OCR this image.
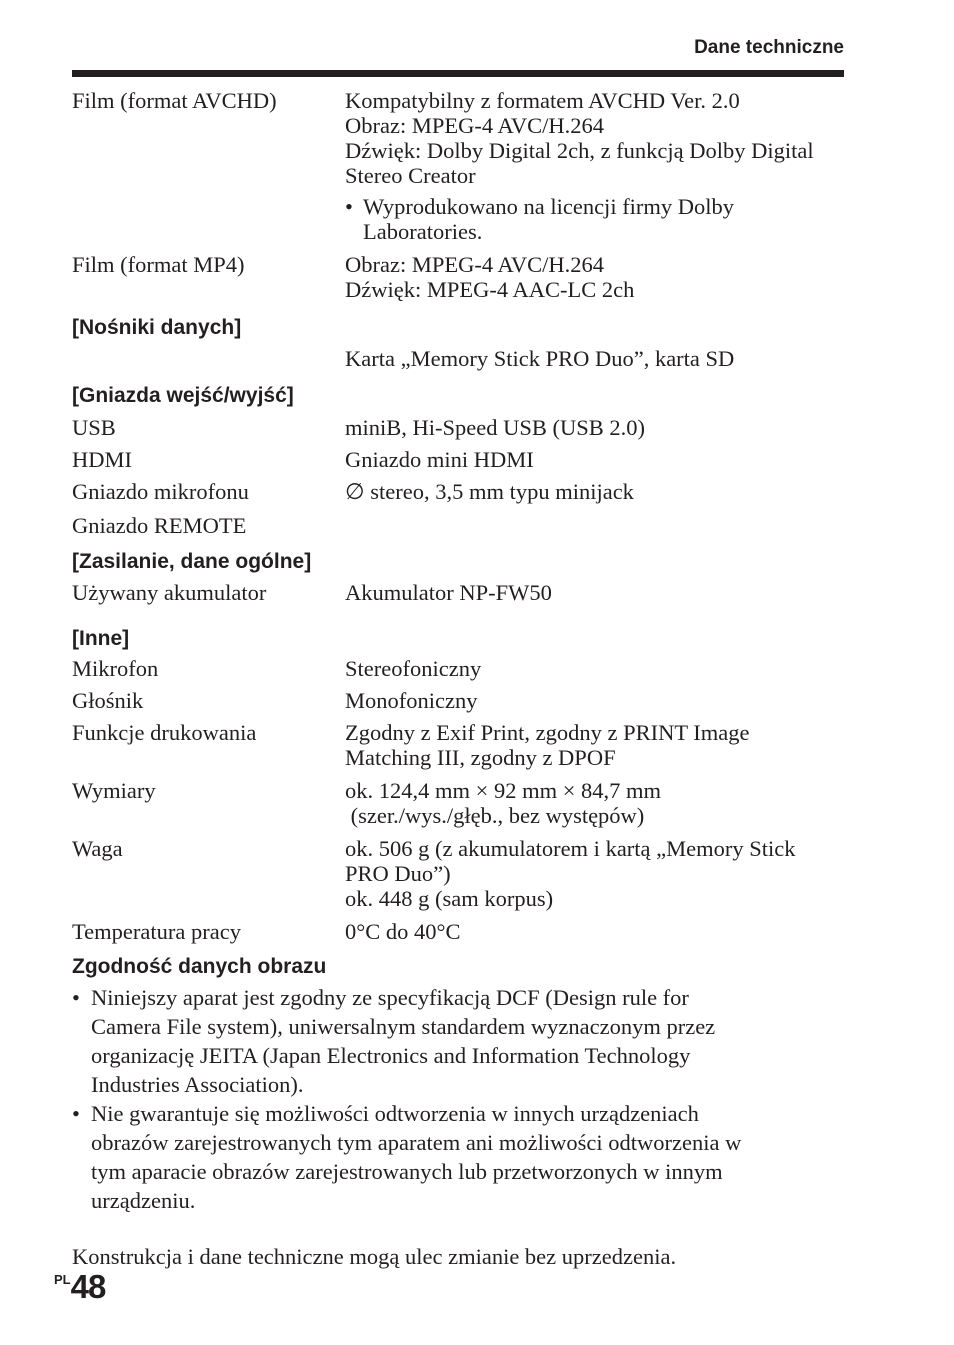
Dane techniczne
Film (format AVCHD)	Kompatybilny z formatem AVCHD Ver. 2.0
Obraz: MPEG-4 AVC/H.264
Dźwięk: Dolby Digital 2ch, z funkcją Dolby Digital
Stereo Creator
• Wyprodukowano na licencji firmy Dolby
Laboratories.
Film (format MP4)	Obraz: MPEG-4 AVC/H.264
Dźwięk: MPEG-4 AAC-LC 2ch
[Nośniki danych]
Karta „Memory Stick PRO Duo”, karta SD
[Gniazda wejść/wyjść]
USB	miniB, Hi-Speed USB (USB 2.0)
HDMI	Gniazdo mini HDMI
Gniazdo mikrofonu	∅ stereo, 3,5 mm typu minijack
Gniazdo REMOTE
[Zasilanie, dane ogólne]
Używany akumulator	Akumulator NP-FW50
[Inne]
Mikrofon	Stereofoniczny
Głośnik	Monofoniczny
Funkcje drukowania	Zgodny z Exif Print, zgodny z PRINT Image
Matching III, zgodny z DPOF
Wymiary	ok. 124,4 mm × 92 mm × 84,7 mm
(szer./wys./głęb., bez występów)
Waga	ok. 506 g (z akumulatorem i kartą „Memory Stick
PRO Duo”)
ok. 448 g (sam korpus)
Temperatura pracy	0°C do 40°C
Zgodność danych obrazu
• Niniejszy aparat jest zgodny ze specyfikacją DCF (Design rule for
Camera File system), uniwersalnym standardem wyznaczonym przez
organizację JEITA (Japan Electronics and Information Technology
Industries Association).
• Nie gwarantuje się możliwości odtworzenia w innych urządzeniach
obrazów zarejestrowanych tym aparatem ani możliwości odtworzenia w
tym aparacie obrazów zarejestrowanych lub przetworzonych w innym
urządzeniu.
Konstrukcja i dane techniczne mogą ulec zmianie bez uprzedzenia.
$^{PL}$48
